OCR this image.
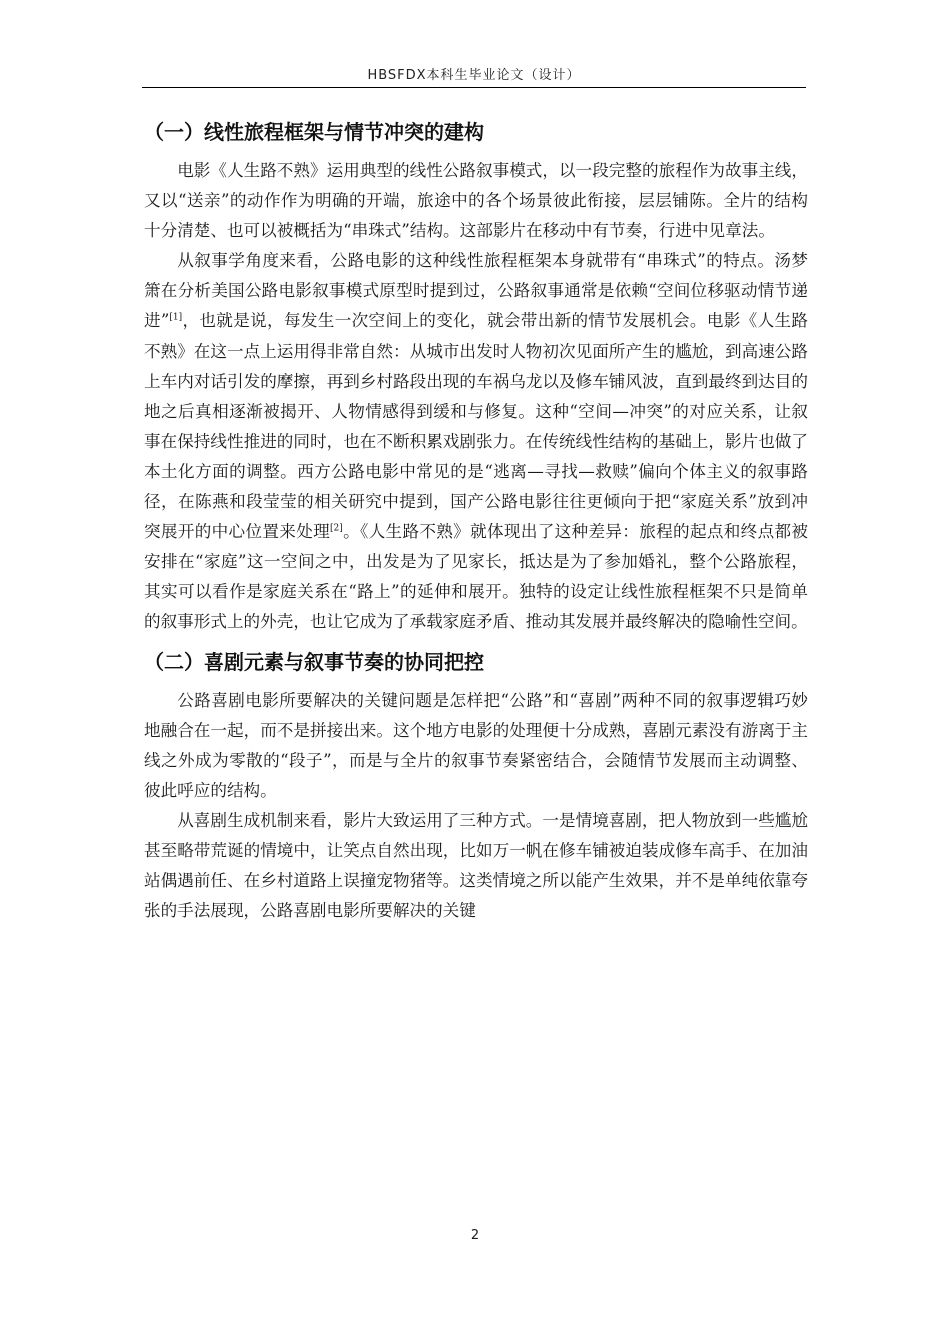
HBSFDX本科生毕业论文（设计）
（一）线性旅程框架与情节冲突的建构

电影《人生路不熟》运用典型的线性公路叙事模式，以一段完整的旅程作为故事主线，又以“送亲”的动作作为明确的开端，旅途中的各个场景彼此衔接，层层铺陈。全片的结构十分清楚、也可以被概括为“串珠式”结构。这部影片在移动中有节奏，行进中见章法。

从叙事学角度来看，公路电影的这种线性旅程框架本身就带有“串珠式”的特点。汤梦箫在分析美国公路电影叙事模式原型时提到过，公路叙事通常是依赖“空间位移驱动情节递进”[1]，也就是说，每发生一次空间上的变化，就会带出新的情节发展机会。电影《人生路不熟》在这一点上运用得非常自然：从城市出发时人物初次见面所产生的尴尬，到高速公路上车内对话引发的摩擦，再到乡村路段出现的车祸乌龙以及修车铺风波，直到最终到达目的地之后真相逐渐被揭开、人物情感得到缓和与修复。这种“空间—冲突”的对应关系，让叙事在保持线性推进的同时，也在不断积累戏剧张力。在传统线性结构的基础上，影片也做了本土化方面的调整。西方公路电影中常见的是“逃离—寻找—救赎”偏向个体主义的叙事路径，在陈燕和段莹莹的相关研究中提到，国产公路电影往往更倾向于把“家庭关系”放到冲突展开的中心位置来处理[2]。《人生路不熟》就体现出了这种差异：旅程的起点和终点都被安排在“家庭”这一空间之中，出发是为了见家长，抵达是为了参加婚礼，整个公路旅程，其实可以看作是家庭关系在“路上”的延伸和展开。独特的设定让线性旅程框架不只是简单的叙事形式上的外壳，也让它成为了承载家庭矛盾、推动其发展并最终解决的隐喻性空间。

（二）喜剧元素与叙事节奏的协同把控

公路喜剧电影所要解决的关键问题是怎样把“公路”和“喜剧”两种不同的叙事逻辑巧妙地融合在一起，而不是拼接出来。这个地方电影的处理便十分成熟，喜剧元素没有游离于主线之外成为零散的“段子”，而是与全片的叙事节奏紧密结合，会随情节发展而主动调整、彼此呼应的结构。

从喜剧生成机制来看，影片大致运用了三种方式。一是情境喜剧，把人物放到一些尴尬甚至略带荒诞的情境中，让笑点自然出现，比如万一帆在修车铺被迫装成修车高手、在加油站偶遇前任、在乡村道路上误撞宠物猪等。这类情境之所以能产生效果，并不是单纯依靠夸张的手法展现，公路喜剧电影所要解决的关键

2
